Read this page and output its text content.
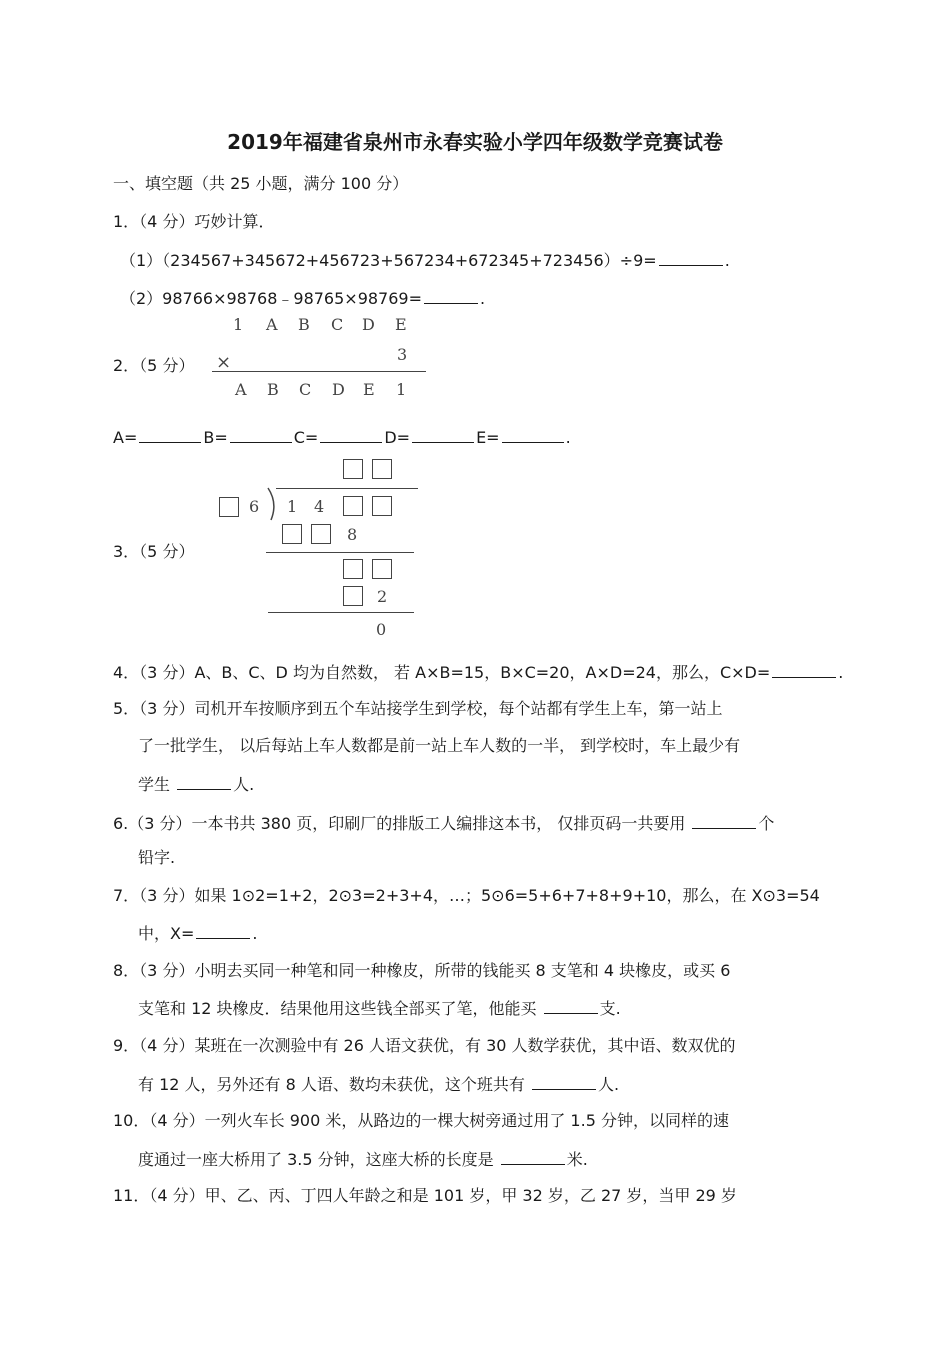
2019年福建省泉州市永春实验小学四年级数学竞赛试卷
一、填空题（共 25 小题，满分 100 分）
1．（4 分）巧妙计算．
（1）（234567+345672+456723+567234+672345+723456）÷9=	.
（2）98766×98768﹣98765×98769=	.
2．（5 分）
1 A B C D E
×	3
A B C D E 1
A=	B=	C=	D=	E=	.
3．（5 分）
6 1 4
8
2
0
4．（3 分）A、B、C、D 均为自然数， 若 A×B=15，B×C=20，A×D=24，那么，C×D=	.
5．（3 分）司机开车按顺序到五个车站接学生到学校，每个站都有学生上车，第一站上
了一批学生， 以后每站上车人数都是前一站上车人数的一半， 到学校时，车上最少有
学生	人.
6.（3 分）一本书共 380 页，印刷厂的排版工人编排这本书， 仅排页码一共要用	个
铅字.
7．（3 分）如果 1⊙2=1+2，2⊙3=2+3+4，…；5⊙6=5+6+7+8+9+10，那么，在 X⊙3=54
中，X=	.
8．（3 分）小明去买同一种笔和同一种橡皮，所带的钱能买 8 支笔和 4 块橡皮，或买 6
支笔和 12 块橡皮．结果他用这些钱全部买了笔，他能买	支.
9．（4 分）某班在一次测验中有 26 人语文获优，有 30 人数学获优，其中语、数双优的
有 12 人，另外还有 8 人语、数均未获优，这个班共有	人.
10．（4 分）一列火车长 900 米，从路边的一棵大树旁通过用了 1.5 分钟，以同样的速
度通过一座大桥用了 3.5 分钟，这座大桥的长度是	米.
11．（4 分）甲、乙、丙、丁四人年龄之和是 101 岁，甲 32 岁，乙 27 岁，当甲 29 岁
